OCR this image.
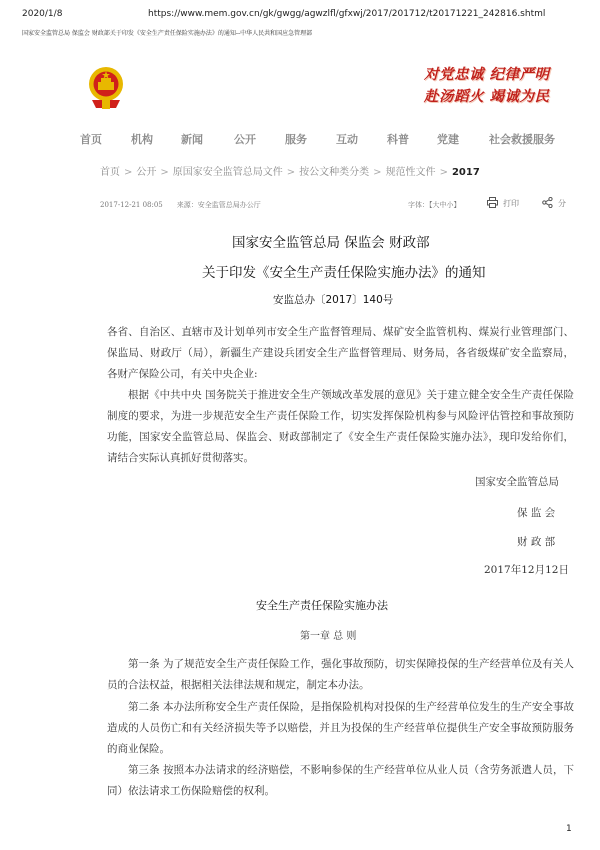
2020/1/8	https://www.mem.gov.cn/gk/gwgg/agwzlfl/gfxwj/2017/201712/t20171221_242816.shtml
国家安全监管总局 保监会 财政部关于印发《安全生产责任保险实施办法》的通知--中华人民共和国应急管理部
对党忠诚 纪律严明
赴汤蹈火 竭诚为民
首页	机构	新闻	公开	服务	互动	科普	党建	社会救援服务
首页 > 公开 > 原国家安全监管总局文件 > 按公文种类分类 > 规范性文件 > 2017
2017-12-21 08:05 来源：安全监管总局办公厅	字体：【大中小】	打印	分
国家安全监管总局 保监会 财政部
关于印发《安全生产责任保险实施办法》的通知
安监总办〔2017〕140号
各省、自治区、直辖市及计划单列市安全生产监督管理局、煤矿安全监管机构、煤炭行业管理部门、保监局、财政厅（局），新疆生产建设兵团安全生产监督管理局、财务局，各省级煤矿安全监察局，各财产保险公司，有关中央企业:
根据《中共中央 国务院关于推进安全生产领域改革发展的意见》关于建立健全安全生产责任保险制度的要求，为进一步规范安全生产责任保险工作，切实发挥保险机构参与风险评估管控和事故预防功能，国家安全监管总局、保监会、财政部制定了《安全生产责任保险实施办法》，现印发给你们，请结合实际认真抓好贯彻落实。
国家安全监管总局
保 监 会
财 政 部
2017年12月12日
安全生产责任保险实施办法
第一章 总 则
第一条 为了规范安全生产责任保险工作，强化事故预防，切实保障投保的生产经营单位及有关人员的合法权益，根据相关法律法规和规定，制定本办法。
第二条 本办法所称安全生产责任保险，是指保险机构对投保的生产经营单位发生的生产安全事故造成的人员伤亡和有关经济损失等予以赔偿，并且为投保的生产经营单位提供生产安全事故预防服务的商业保险。
第三条 按照本办法请求的经济赔偿，不影响参保的生产经营单位从业人员（含劳务派遣人员，下同）依法请求工伤保险赔偿的权利。
1
